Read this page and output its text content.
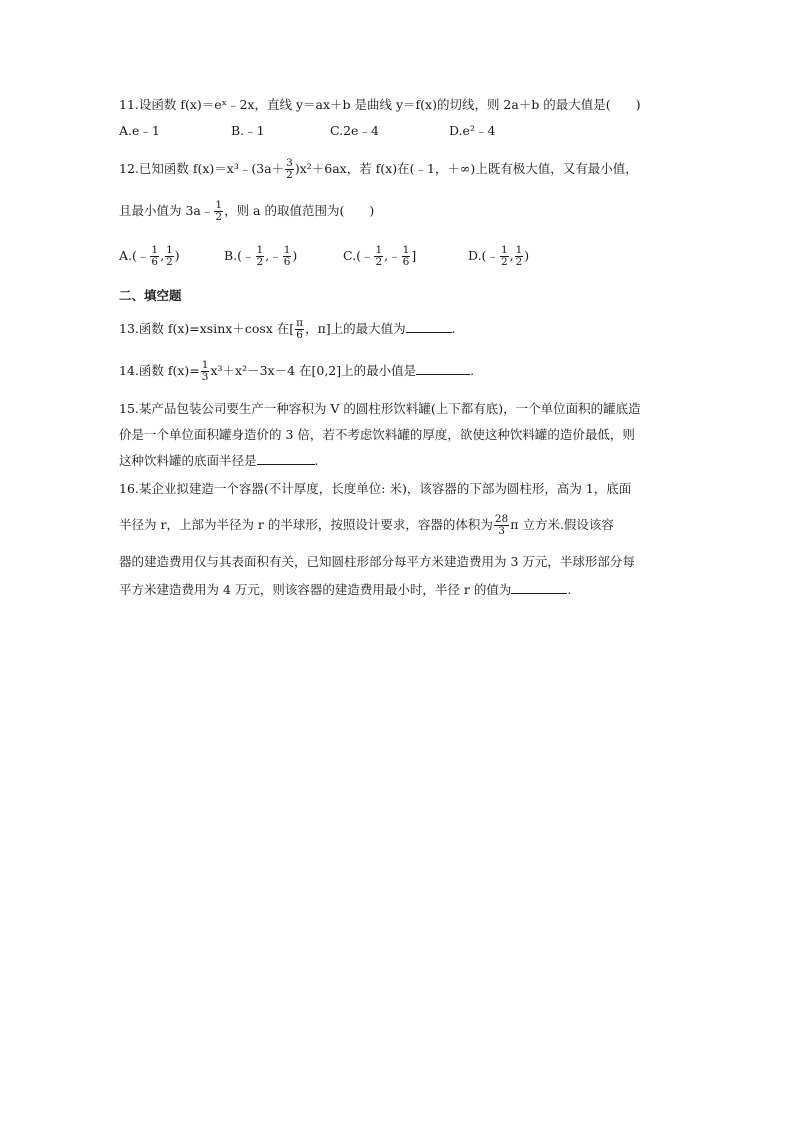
11.设函数 f(x)＝eˣ﹣2x，直线 y＝ax＋b 是曲线 y＝f(x)的切线，则 2a＋b 的最大值是(　　)
A.e﹣1	B.﹣1	C.2e﹣4	D.e²﹣4
12.已知函数 f(x)＝x³﹣(3a＋ $\frac{3}{2} )x^2+6ax$，若 f(x)在(﹣1，＋∞)上既有极大值，又有最小值，
且最小值为 3a﹣ $\frac{1}{2}$ ，则 a 的取值范围为(　　)
A.(﹣ $\frac{1}{6}$ , $\frac{1}{2}$ )	B.(﹣ $\frac{1}{2}$ ,﹣ $\frac{1}{6}$ )	C.(﹣ $\frac{1}{2}$ ,﹣ $\frac{1}{6}$ ]	D.(﹣ $\frac{1}{2}$ , $\frac{1}{2}$ )
二、填空题
13.函数 f(x)=xsinx＋cosx 在[ $\frac{\pi}{6}$ ，π]上的最大值为	.
14.函数 $f(x)= \frac{1}{3} x^3+x^2-3x-4$ 在[0,2]上的最小值是	.
15.某产品包装公司要生产一种容积为 V 的圆柱形饮料罐(上下都有底)，一个单位面积的罐底造
价是一个单位面积罐身造价的 3 倍，若不考虑饮料罐的厚度，欲使这种饮料罐的造价最低，则
这种饮料罐的底面半径是	.
16.某企业拟建造一个容器(不计厚度，长度单位: 米)，该容器的下部为圆柱形，高为 1，底面
半径为 r，上部为半径为 r 的半球形，按照设计要求，容器的体积为 $\frac{28}{3}$ π 立方米.假设该容
器的建造费用仅与其表面积有关，已知圆柱形部分每平方米建造费用为 3 万元，半球形部分每
平方米建造费用为 4 万元，则该容器的建造费用最小时，半径 r 的值为	.
